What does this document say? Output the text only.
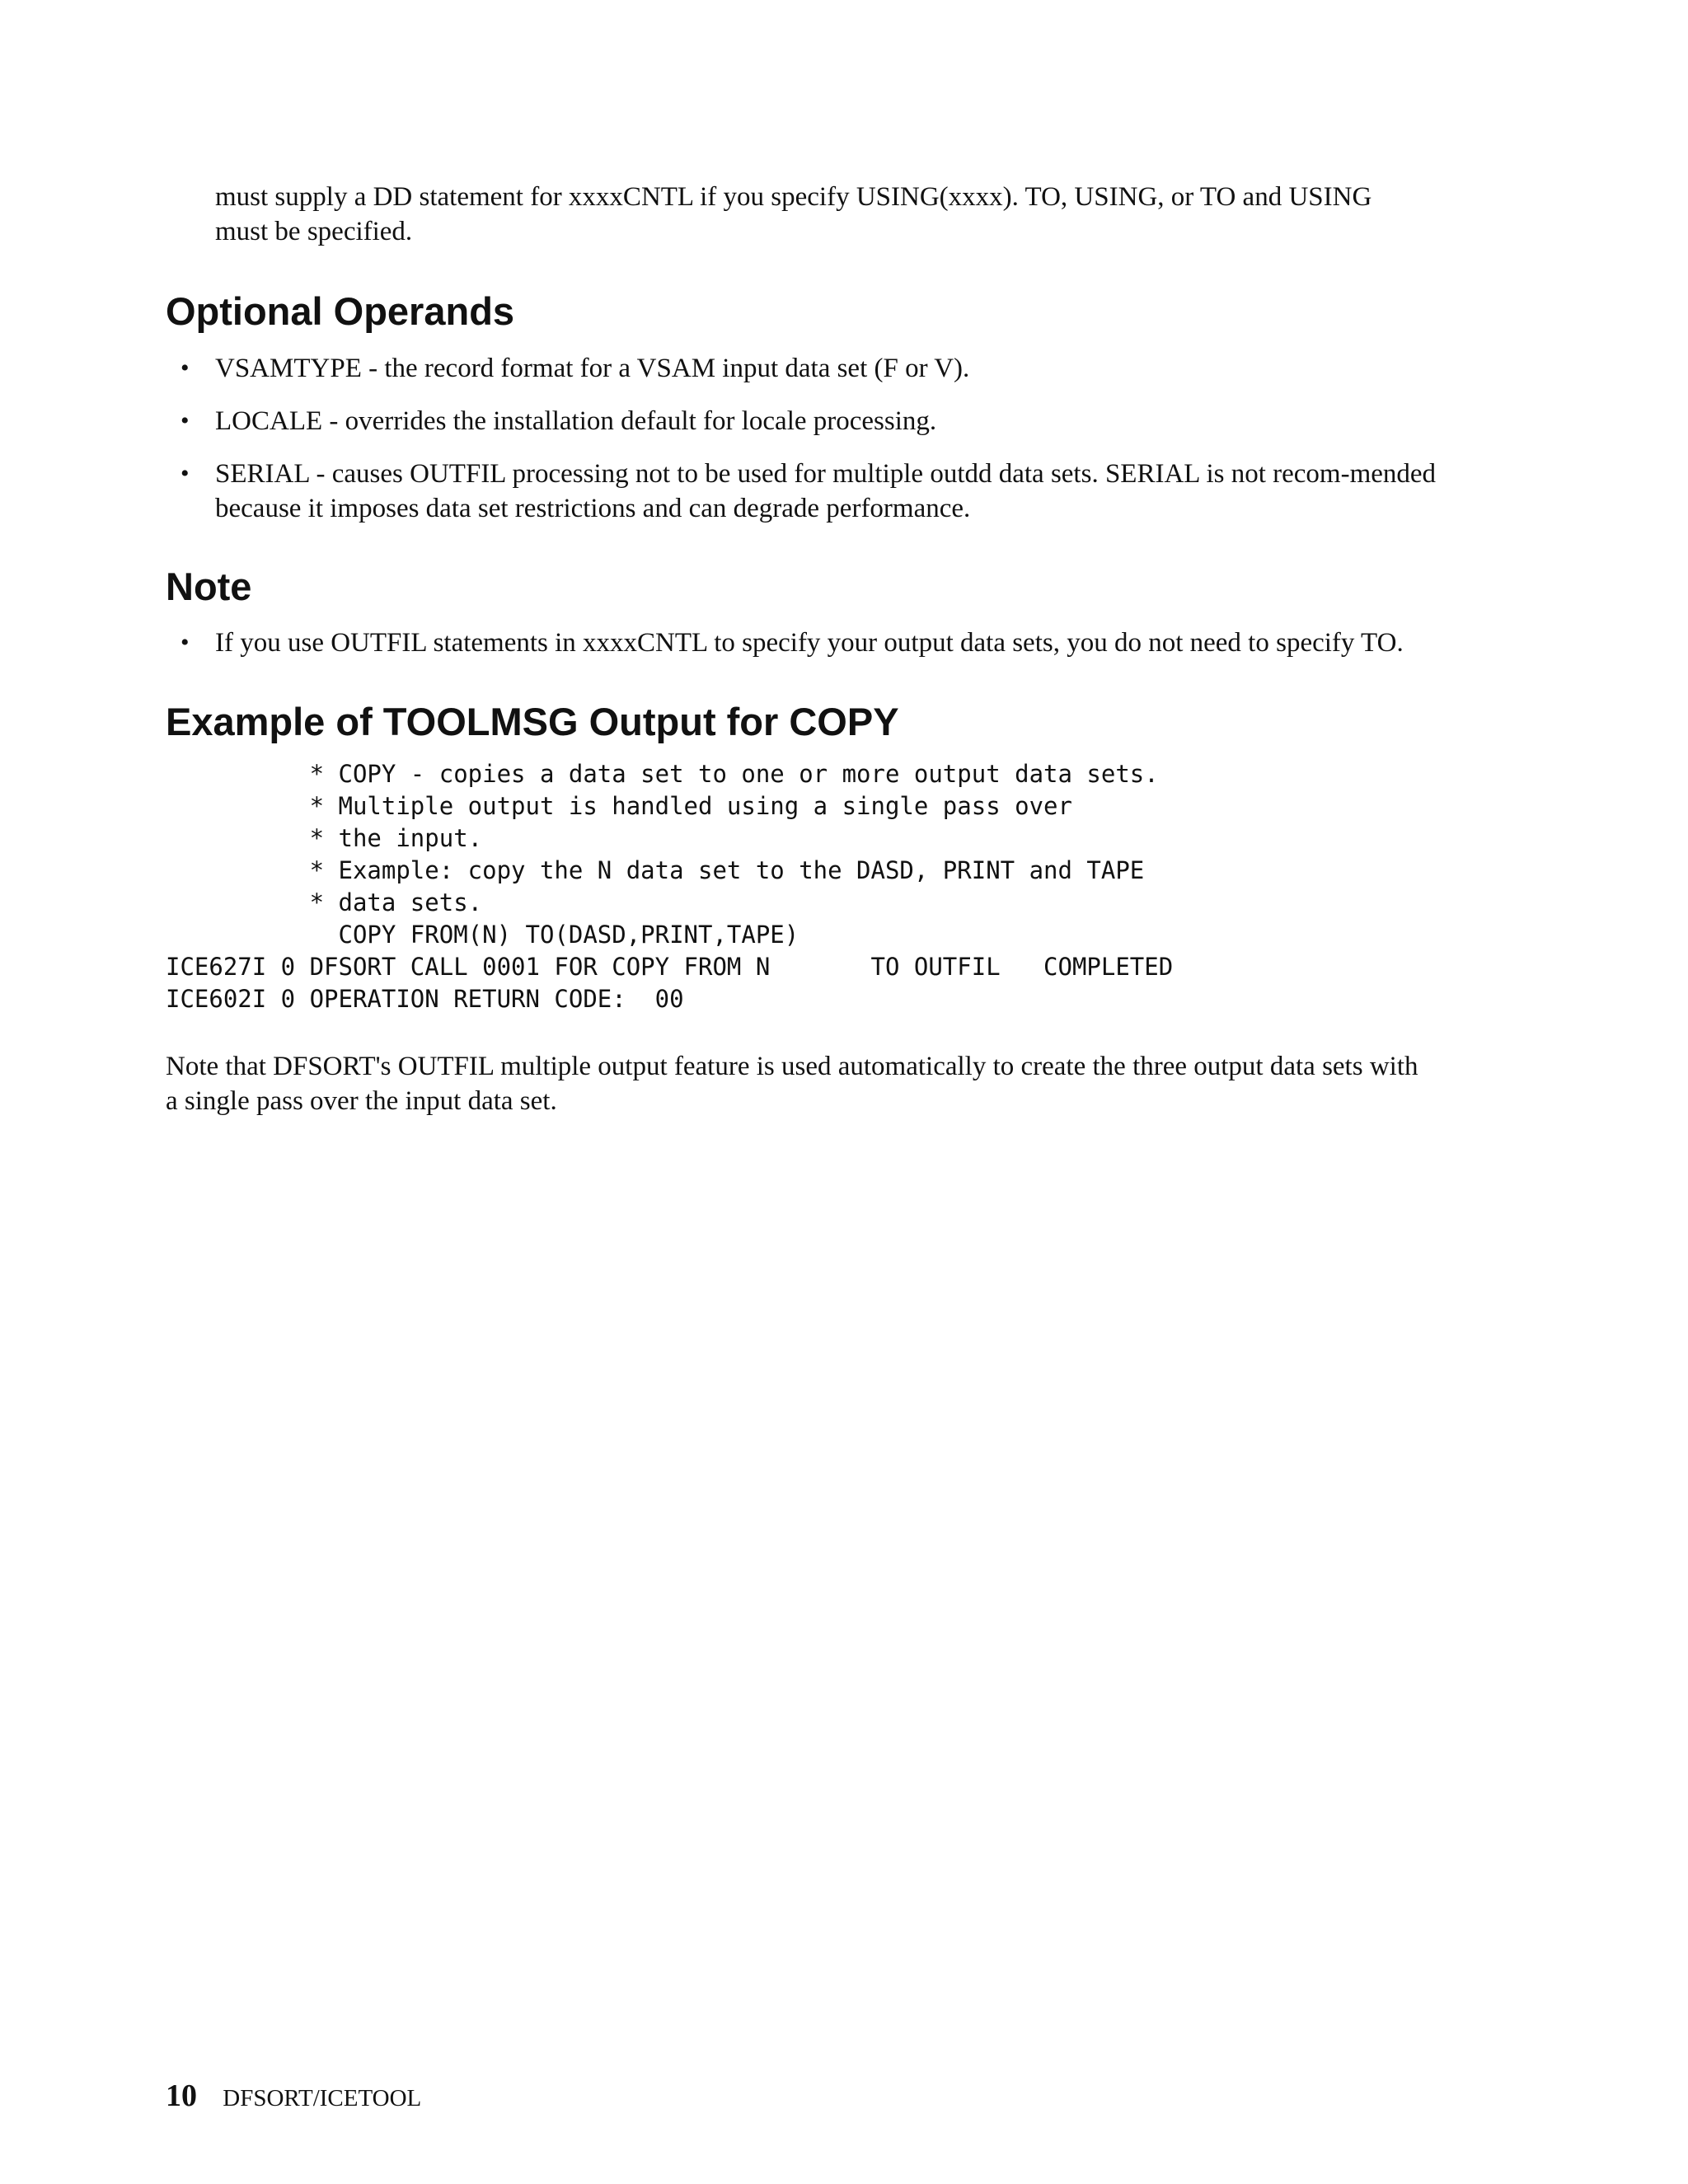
must supply a DD statement for xxxxCNTL if you specify USING(xxxx). TO, USING, or TO and USING
must be specified.

Optional Operands
• VSAMTYPE - the record format for a VSAM input data set (F or V).
• LOCALE - overrides the installation default for locale processing.
• SERIAL - causes OUTFIL processing not to be used for multiple outdd data sets. SERIAL is not recom-mended because it imposes data set restrictions and can degrade performance.
Note
• If you use OUTFIL statements in xxxxCNTL to specify your output data sets, you do not need to specify TO.
Example of TOOLMSG Output for COPY
* COPY - copies a data set to one or more output data sets.
* Multiple output is handled using a single pass over
* the input.
* Example: copy the N data set to the DASD, PRINT and TAPE
* data sets.
COPY FROM(N) TO(DASD,PRINT,TAPE)
ICE627I 0 DFSORT CALL 0001 FOR COPY FROM N       TO OUTFIL   COMPLETED
ICE602I 0 OPERATION RETURN CODE:  00

Note that DFSORT's OUTFIL multiple output feature is used automatically to create the three output data sets with
a single pass over the input data set.

10 DFSORT/ICETOOL
